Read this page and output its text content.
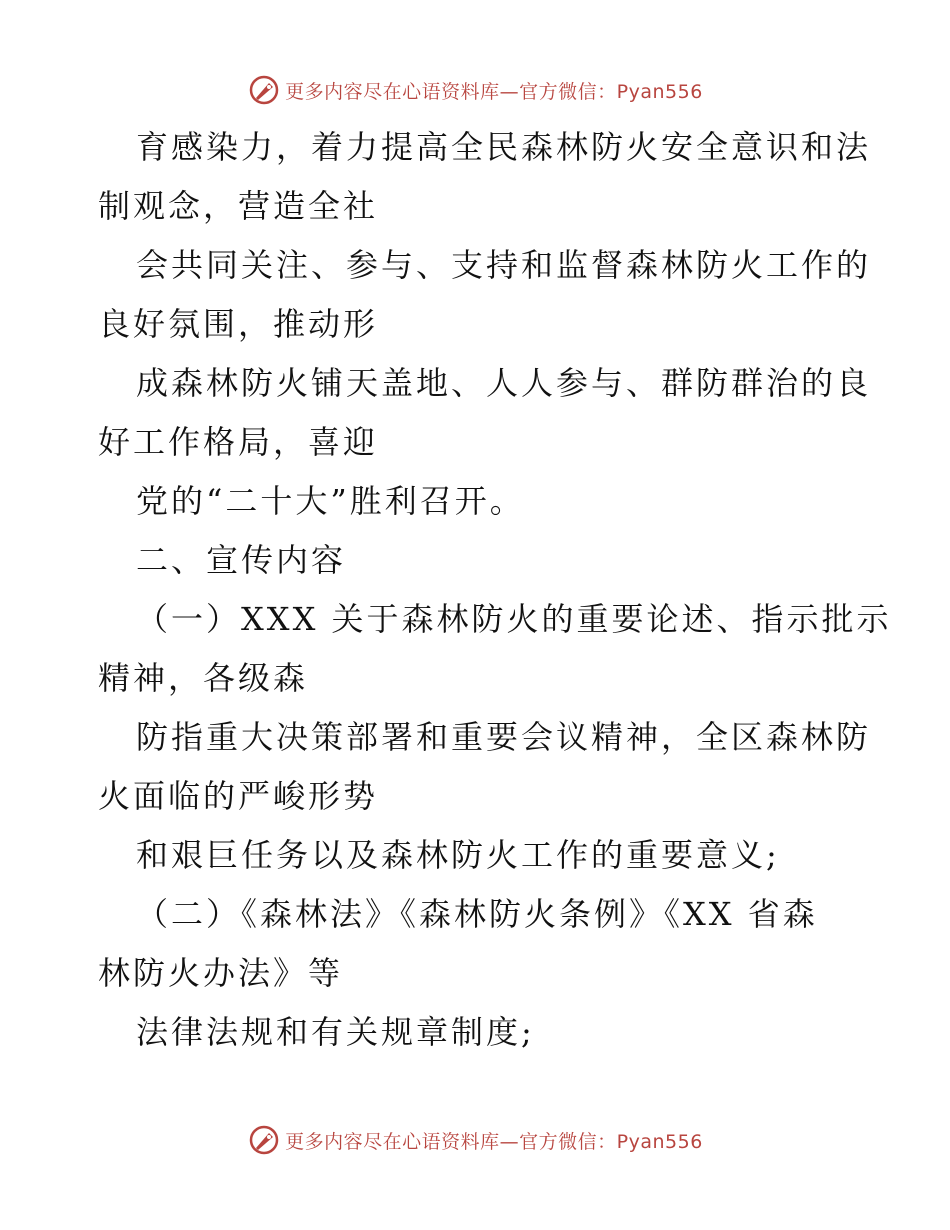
更多内容尽在心语资料库—官方微信：Pyan556

育感染力，着力提高全民森林防火安全意识和法
制观念，营造全社

会共同关注、参与、支持和监督森林防火工作的
良好氛围，推动形

成森林防火铺天盖地、人人参与、群防群治的良
好工作格局，喜迎

党的“二十大”胜利召开。

二、宣传内容

（一）XXX 关于森林防火的重要论述、指示批示
精神，各级森

防指重大决策部署和重要会议精神，全区森林防
火面临的严峻形势

和艰巨任务以及森林防火工作的重要意义;

（二）《森林法》《森林防火条例》《XX 省森
林防火办法》等

法律法规和有关规章制度;

更多内容尽在心语资料库—官方微信：Pyan556
